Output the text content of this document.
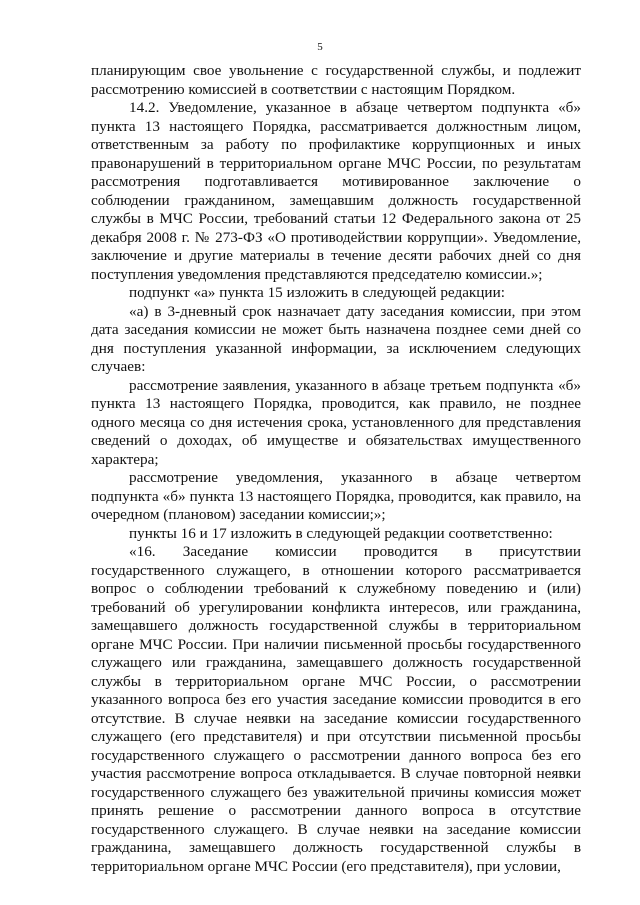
5

планирующим свое увольнение с государственной службы, и подлежит рассмотрению комиссией в соответствии с настоящим Порядком.

14.2. Уведомление, указанное в абзаце четвертом подпункта «б» пункта 13 настоящего Порядка, рассматривается должностным лицом, ответственным за работу по профилактике коррупционных и иных правонарушений в территориальном органе МЧС России, по результатам рассмотрения подготавливается мотивированное заключение о соблюдении гражданином, замещавшим должность государственной службы в МЧС России, требований статьи 12 Федерального закона от 25 декабря 2008 г. № 273-ФЗ «О противодействии коррупции». Уведомление, заключение и другие материалы в течение десяти рабочих дней со дня поступления уведомления представляются председателю комиссии.»;

подпункт «а» пункта 15 изложить в следующей редакции:

«а) в 3-дневный срок назначает дату заседания комиссии, при этом дата заседания комиссии не может быть назначена позднее семи дней со дня поступления указанной информации, за исключением следующих случаев:

рассмотрение заявления, указанного в абзаце третьем подпункта «б» пункта 13 настоящего Порядка, проводится, как правило, не позднее одного месяца со дня истечения срока, установленного для представления сведений о доходах, об имуществе и обязательствах имущественного характера;

рассмотрение уведомления, указанного в абзаце четвертом подпункта «б» пункта 13 настоящего Порядка, проводится, как правило, на очередном (плановом) заседании комиссии;»;

пункты 16 и 17 изложить в следующей редакции соответственно:

«16. Заседание комиссии проводится в присутствии государственного служащего, в отношении которого рассматривается вопрос о соблюдении требований к служебному поведению и (или) требований об урегулировании конфликта интересов, или гражданина, замещавшего должность государственной службы в территориальном органе МЧС России. При наличии письменной просьбы государственного служащего или гражданина, замещавшего должность государственной службы в территориальном органе МЧС России, о рассмотрении указанного вопроса без его участия заседание комиссии проводится в его отсутствие. В случае неявки на заседание комиссии государственного служащего (его представителя) и при отсутствии письменной просьбы государственного служащего о рассмотрении данного вопроса без его участия рассмотрение вопроса откладывается. В случае повторной неявки государственного служащего без уважительной причины комиссия может принять решение о рассмотрении данного вопроса в отсутствие государственного служащего. В случае неявки на заседание комиссии гражданина, замещавшего должность государственной службы в территориальном органе МЧС России (его представителя), при условии,
